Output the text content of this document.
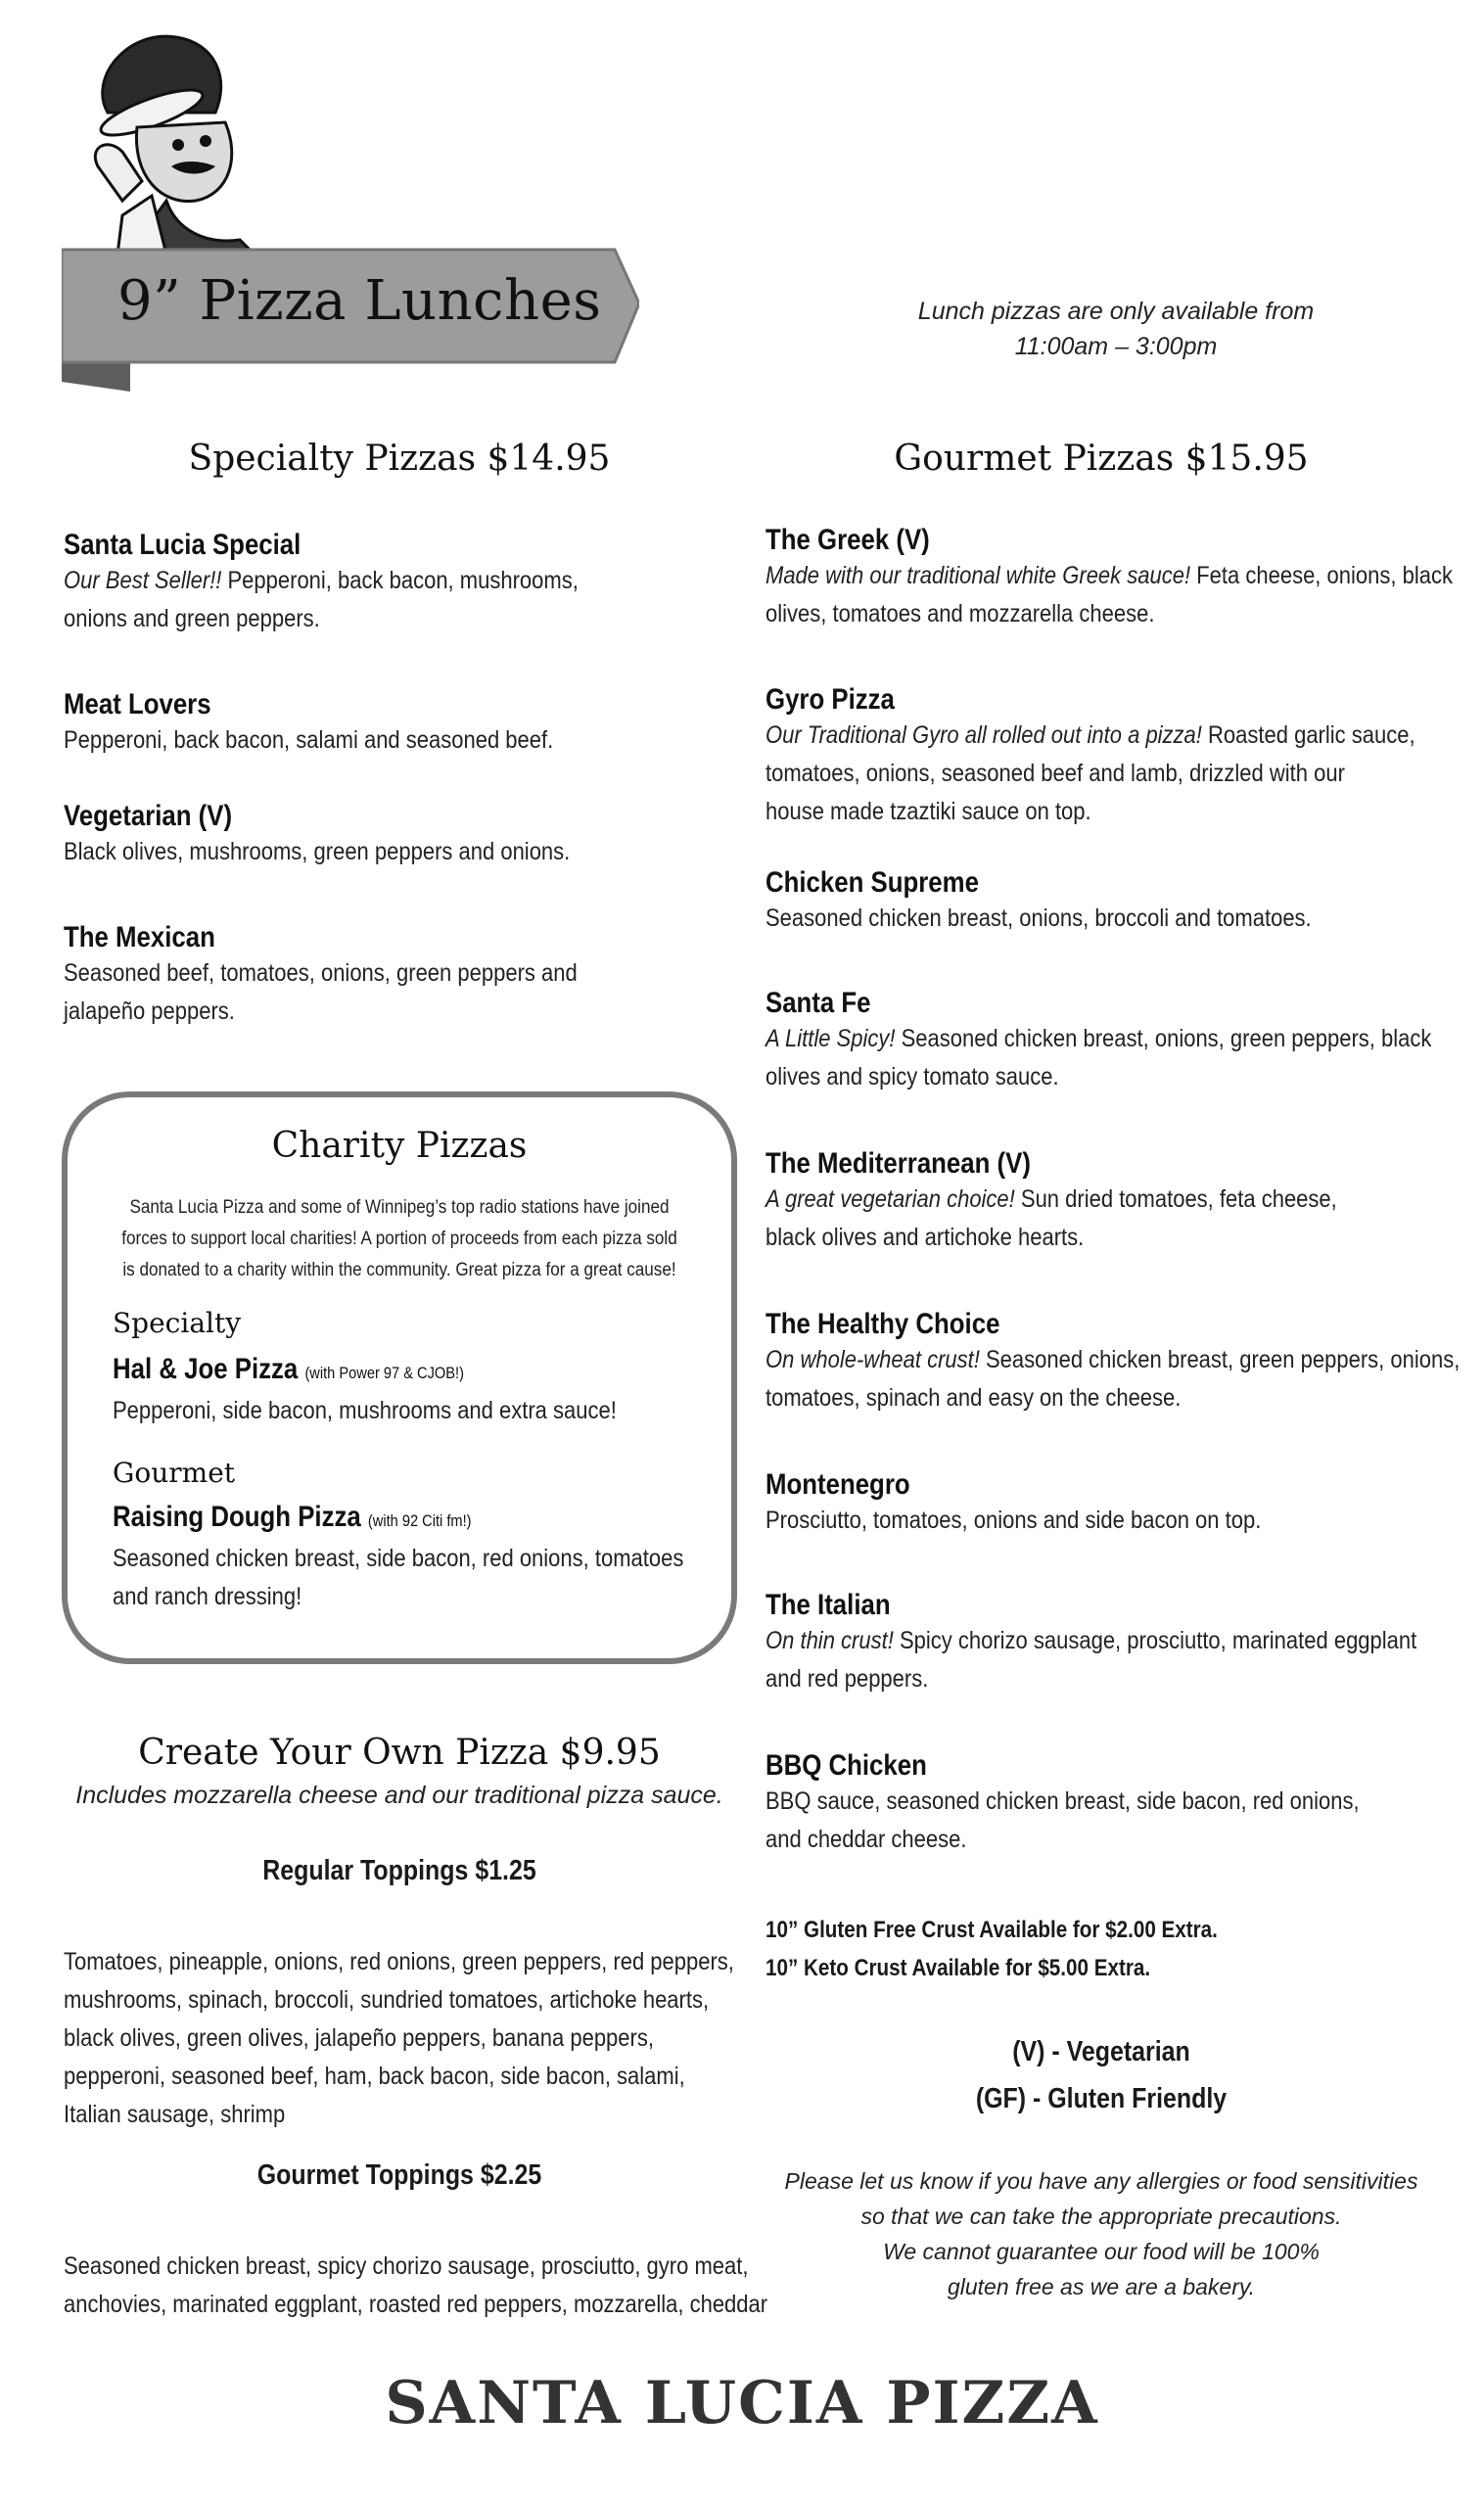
9” Pizza Lunches	Lunch pizzas are only available from
11:00am – 3:00pm
Specialty Pizzas $14.95
Santa Lucia Special
Our Best Seller!! Pepperoni, back bacon, mushrooms,
onions and green peppers.
Meat Lovers
Pepperoni, back bacon, salami and seasoned beef.
Vegetarian (V)
Black olives, mushrooms, green peppers and onions.
The Mexican
Seasoned beef, tomatoes, onions, green peppers and
jalapeño peppers.
Charity Pizzas
Santa Lucia Pizza and some of Winnipeg’s top radio stations have joined
forces to support local charities! A portion of proceeds from each pizza sold
is donated to a charity within the community. Great pizza for a great cause!
Specialty
Hal & Joe Pizza (with Power 97 & CJOB!)
Pepperoni, side bacon, mushrooms and extra sauce!
Gourmet
Raising Dough Pizza (with 92 Citi fm!)
Seasoned chicken breast, side bacon, red onions, tomatoes
and ranch dressing!
Create Your Own Pizza $9.95
Includes mozzarella cheese and our traditional pizza sauce.
Regular Toppings $1.25
Tomatoes, pineapple, onions, red onions, green peppers, red peppers,
mushrooms, spinach, broccoli, sundried tomatoes, artichoke hearts,
black olives, green olives, jalapeño peppers, banana peppers,
pepperoni, seasoned beef, ham, back bacon, side bacon, salami,
Italian sausage, shrimp
Gourmet Toppings $2.25
Seasoned chicken breast, spicy chorizo sausage, prosciutto, gyro meat,
anchovies, marinated eggplant, roasted red peppers, mozzarella, cheddar
Gourmet Pizzas $15.95
The Greek (V)
Made with our traditional white Greek sauce! Feta cheese, onions, black
olives, tomatoes and mozzarella cheese.
Gyro Pizza
Our Traditional Gyro all rolled out into a pizza! Roasted garlic sauce,
tomatoes, onions, seasoned beef and lamb, drizzled with our
house made tzaztiki sauce on top.
Chicken Supreme
Seasoned chicken breast, onions, broccoli and tomatoes.
Santa Fe
A Little Spicy! Seasoned chicken breast, onions, green peppers, black
olives and spicy tomato sauce.
The Mediterranean (V)
A great vegetarian choice! Sun dried tomatoes, feta cheese,
black olives and artichoke hearts.
The Healthy Choice
On whole-wheat crust! Seasoned chicken breast, green peppers, onions,
tomatoes, spinach and easy on the cheese.
Montenegro
Prosciutto, tomatoes, onions and side bacon on top.
The Italian
On thin crust! Spicy chorizo sausage, prosciutto, marinated eggplant
and red peppers.
BBQ Chicken
BBQ sauce, seasoned chicken breast, side bacon, red onions,
and cheddar cheese.
10” Gluten Free Crust Available for $2.00 Extra.
10” Keto Crust Available for $5.00 Extra.
(V) - Vegetarian
(GF) - Gluten Friendly
Please let us know if you have any allergies or food sensitivities
so that we can take the appropriate precautions.
We cannot guarantee our food will be 100%
gluten free as we are a bakery.
SANTA LUCIA PIZZA
